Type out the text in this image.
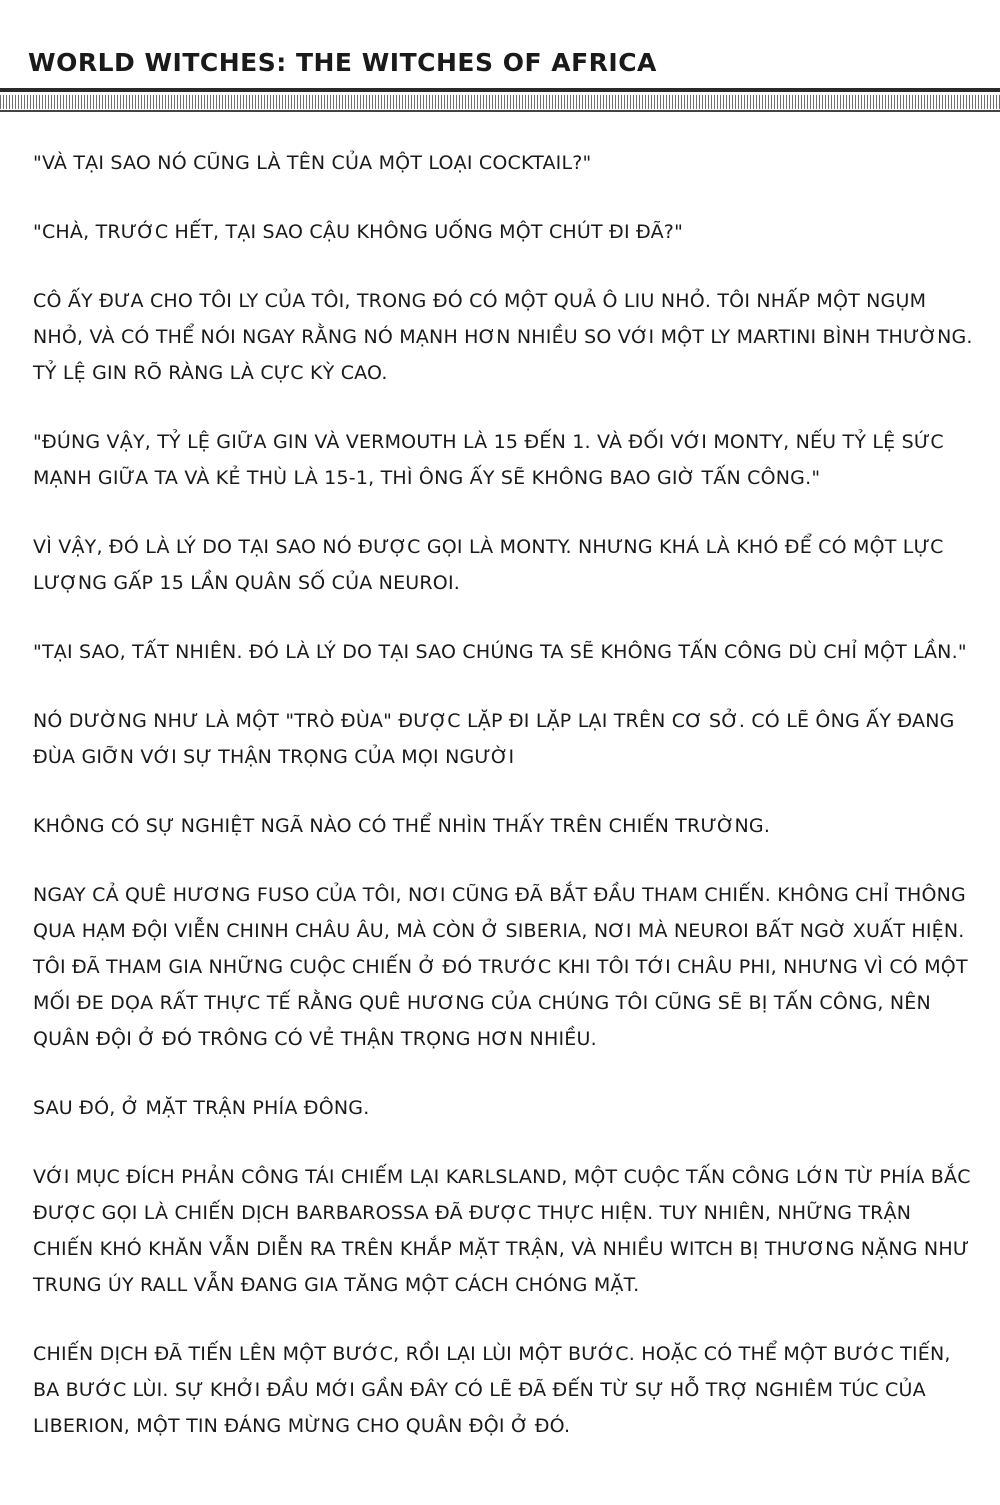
WORLD WITCHES: THE WITCHES OF AFRICA

"VÀ TẠI SAO NÓ CŨNG LÀ TÊN CỦA MỘT LOẠI COCKTAIL?"

"CHÀ, TRƯỚC HẾT, TẠI SAO CẬU KHÔNG UỐNG MỘT CHÚT ĐI ĐÃ?"

CÔ ẤY ĐƯA CHO TÔI LY CỦA TÔI, TRONG ĐÓ CÓ MỘT QUẢ Ô LIU NHỎ. TÔI NHẤP MỘT NGỤM NHỎ, VÀ CÓ THỂ NÓI NGAY RẰNG NÓ MẠNH HƠN NHIỀU SO VỚI MỘT LY MARTINI BÌNH THƯỜNG. TỶ LỆ GIN RÕ RÀNG LÀ CỰC KỲ CAO.

"ĐÚNG VẬY, TỶ LỆ GIỮA GIN VÀ VERMOUTH LÀ 15 ĐẾN 1. VÀ ĐỐI VỚI MONTY, NẾU TỶ LỆ SỨC MẠNH GIỮA TA VÀ KẺ THÙ LÀ 15-1, THÌ ÔNG ẤY SẼ KHÔNG BAO GIỜ TẤN CÔNG."

VÌ VẬY, ĐÓ LÀ LÝ DO TẠI SAO NÓ ĐƯỢC GỌI LÀ MONTY. NHƯNG KHÁ LÀ KHÓ ĐỂ CÓ MỘT LỰC LƯỢNG GẤP 15 LẦN QUÂN SỐ CỦA NEUROI.

"TẠI SAO, TẤT NHIÊN. ĐÓ LÀ LÝ DO TẠI SAO CHÚNG TA SẼ KHÔNG TẤN CÔNG DÙ CHỈ MỘT LẦN."

NÓ DƯỜNG NHƯ LÀ MỘT "TRÒ ĐÙA" ĐƯỢC LẶP ĐI LẶP LẠI TRÊN CƠ SỞ. CÓ LẼ ÔNG ẤY ĐANG ĐÙA GIỠN VỚI SỰ THẬN TRỌNG CỦA MỌI NGƯỜI

KHÔNG CÓ SỰ NGHIỆT NGÃ NÀO CÓ THỂ NHÌN THẤY TRÊN CHIẾN TRƯỜNG.

NGAY CẢ QUÊ HƯƠNG FUSO CỦA TÔI, NƠI CŨNG ĐÃ BẮT ĐẦU THAM CHIẾN. KHÔNG CHỈ THÔNG QUA HẠM ĐỘI VIỄN CHINH CHÂU ÂU, MÀ CÒN Ở SIBERIA, NƠI MÀ NEUROI BẤT NGỜ XUẤT HIỆN. TÔI ĐÃ THAM GIA NHỮNG CUỘC CHIẾN Ở ĐÓ TRƯỚC KHI TÔI TỚI CHÂU PHI, NHƯNG VÌ CÓ MỘT MỐI ĐE DỌA RẤT THỰC TẾ RẰNG QUÊ HƯƠNG CỦA CHÚNG TÔI CŨNG SẼ BỊ TẤN CÔNG, NÊN QUÂN ĐỘI Ở ĐÓ TRÔNG CÓ VẺ THẬN TRỌNG HƠN NHIỀU.

SAU ĐÓ, Ở MẶT TRẬN PHÍA ĐÔNG.

VỚI MỤC ĐÍCH PHẢN CÔNG TÁI CHIẾM LẠI KARLSLAND, MỘT CUỘC TẤN CÔNG LỚN TỪ PHÍA BẮC ĐƯỢC GỌI LÀ CHIẾN DỊCH BARBAROSSA ĐÃ ĐƯỢC THỰC HIỆN. TUY NHIÊN, NHỮNG TRẬN CHIẾN KHÓ KHĂN VẪN DIỄN RA TRÊN KHẮP MẶT TRẬN, VÀ NHIỀU WITCH BỊ THƯƠNG NẶNG NHƯ TRUNG ÚY RALL VẪN ĐANG GIA TĂNG MỘT CÁCH CHÓNG MẶT.

CHIẾN DỊCH ĐÃ TIẾN LÊN MỘT BƯỚC, RỒI LẠI LÙI MỘT BƯỚC. HOẶC CÓ THỂ MỘT BƯỚC TIẾN, BA BƯỚC LÙI. SỰ KHỞI ĐẦU MỚI GẦN ĐÂY CÓ LẼ ĐÃ ĐẾN TỪ SỰ HỖ TRỢ NGHIÊM TÚC CỦA LIBERION, MỘT TIN ĐÁNG MỪNG CHO QUÂN ĐỘI Ở ĐÓ.
